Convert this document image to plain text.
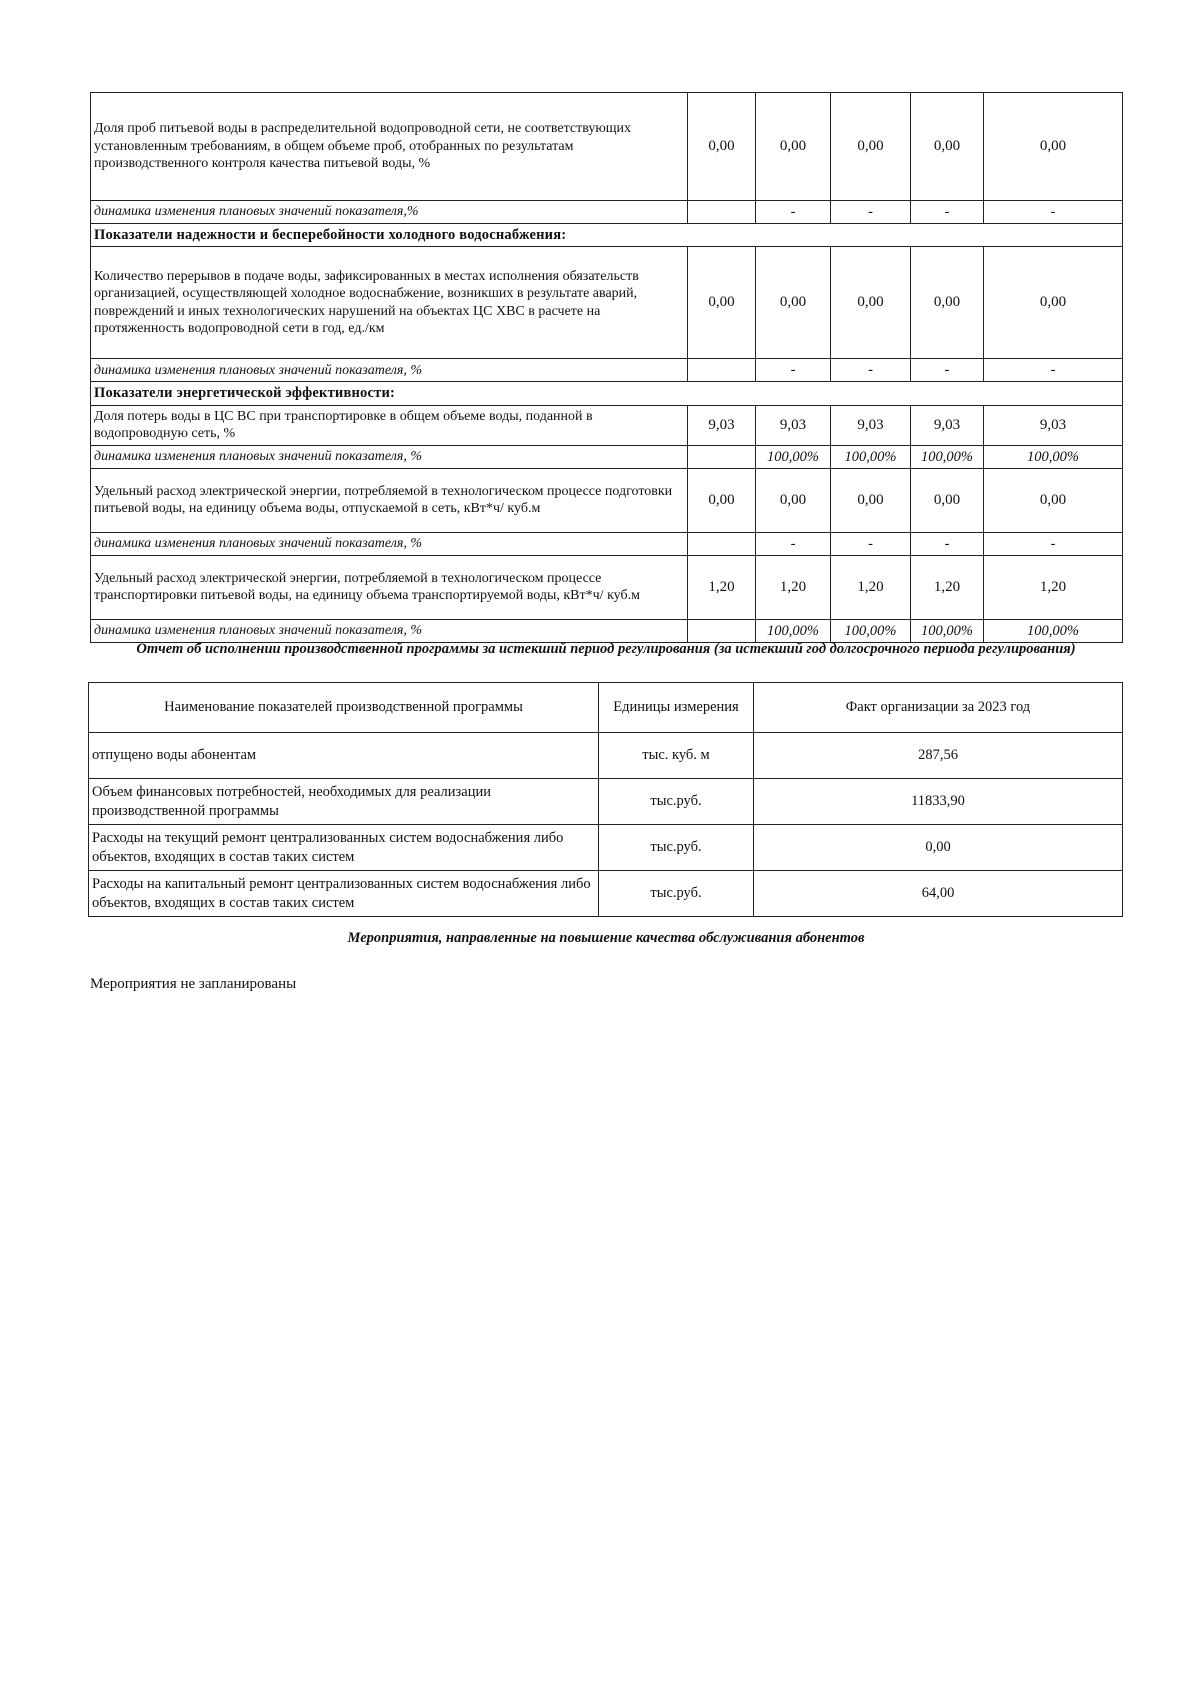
Доля проб питьевой воды в распределительной водопроводной сети, не соответствующих установленным требованиям, в общем объеме проб, отобранных по результатам производственного контроля качества питьевой воды, %	0,00	0,00	0,00	0,00	0,00
динамика изменения плановых значений показателя,%		-	-	-	-
Показатели надежности и бесперебойности холодного водоснабжения:					
Количество перерывов в подаче воды, зафиксированных в местах исполнения обязательств организацией, осуществляющей холодное водоснабжение, возникших в результате аварий, повреждений и иных технологических нарушений на объектах ЦС ХВС в расчете на протяженность водопроводной сети в год, ед./км	0,00	0,00	0,00	0,00	0,00
динамика изменения плановых значений показателя, %		-	-	-	-
Показатели энергетической эффективности:					
Доля потерь воды в ЦС ВС при транспортировке в общем объеме воды, поданной в водопроводную сеть, %	9,03	9,03	9,03	9,03	9,03
динамика изменения плановых значений показателя, %		100,00%	100,00%	100,00%	100,00%
Удельный расход электрической энергии, потребляемой в технологическом процессе подготовки питьевой воды, на единицу объема воды, отпускаемой в сеть, кВт*ч/ куб.м	0,00	0,00	0,00	0,00	0,00
динамика изменения плановых значений показателя, %		-	-	-	-
Удельный расход электрической энергии, потребляемой в технологическом процессе транспортировки питьевой воды, на единицу объема транспортируемой воды, кВт*ч/ куб.м	1,20	1,20	1,20	1,20	1,20
динамика изменения плановых значений показателя, %		100,00%	100,00%	100,00%	100,00%
Отчет об исполнении производственной программы за истекший период регулирования (за истекший год долгосрочного периода регулирования)
Наименование показателей производственной программы	Единицы измерения	Факт организации за 2023 год
отпущено воды абонентам	тыс. куб. м	287,56
Объем финансовых потребностей, необходимых для реализации производственной программы	тыс.руб.	11833,90
Расходы на текущий ремонт централизованных систем водоснабжения либо объектов, входящих в состав таких систем	тыс.руб.	0,00
Расходы на капитальный ремонт централизованных систем водоснабжения либо объектов, входящих в состав таких систем	тыс.руб.	64,00
Мероприятия, направленные на повышение качества обслуживания абонентов
Мероприятия не запланированы
